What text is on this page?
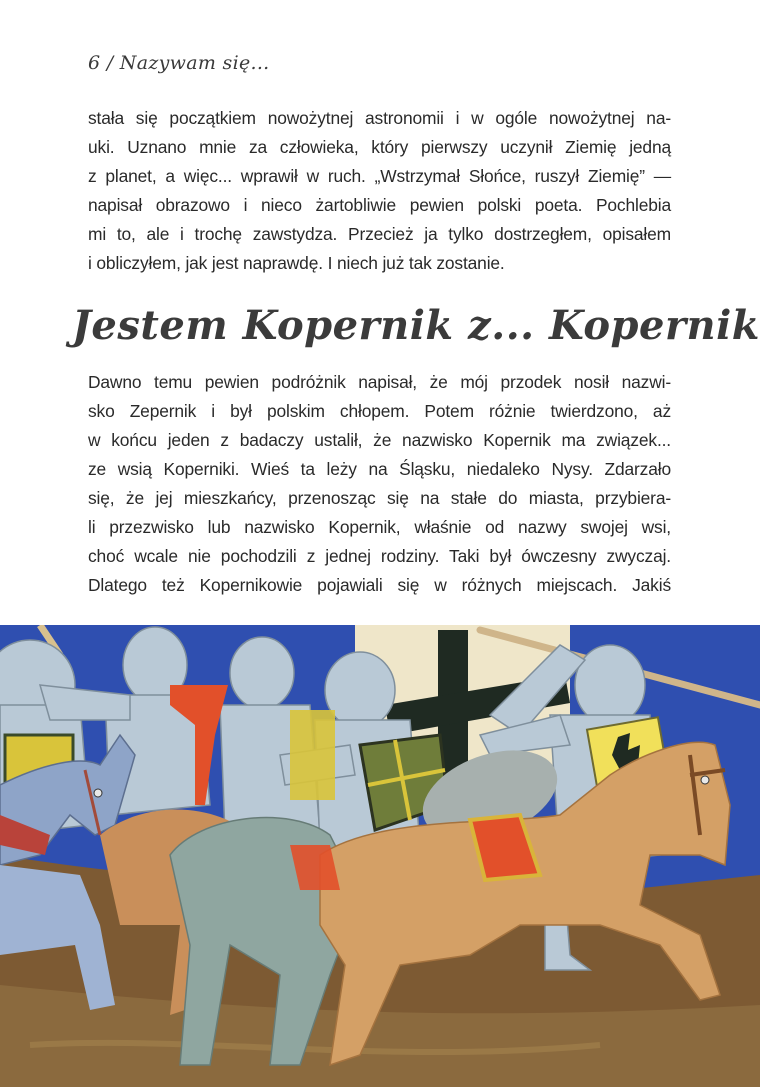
6 / Nazywam się...
stała się początkiem nowożytnej astronomii i w ogóle nowożytnej na-
uki. Uznano mnie za człowieka, który pierwszy uczynił Ziemię jedną
z planet, a więc... wprawił w ruch. „Wstrzymał Słońce, ruszył Ziemię” —
napisał obrazowo i nieco żartobliwie pewien polski poeta. Pochlebia
mi to, ale i trochę zawstydza. Przecież ja tylko dostrzegłem, opisałem
i obliczyłem, jak jest naprawdę. I niech już tak zostanie.
Jestem Kopernik z... Kopernik
Dawno temu pewien podróżnik napisał, że mój przodek nosił nazwi-
sko Zepernik i był polskim chłopem. Potem różnie twierdzono, aż
w końcu jeden z badaczy ustalił, że nazwisko Kopernik ma związek...
ze wsią Koperniki. Wieś ta leży na Śląsku, niedaleko Nysy. Zdarzało
się, że jej mieszkańcy, przenosząc się na stałe do miasta, przybiera-
li przezwisko lub nazwisko Kopernik, właśnie od nazwy swojej wsi,
choć wcale nie pochodzili z jednej rodziny. Taki był ówczesny zwyczaj.
Dlatego też Kopernikowie pojawiali się w różnych miejscach. Jakiś
